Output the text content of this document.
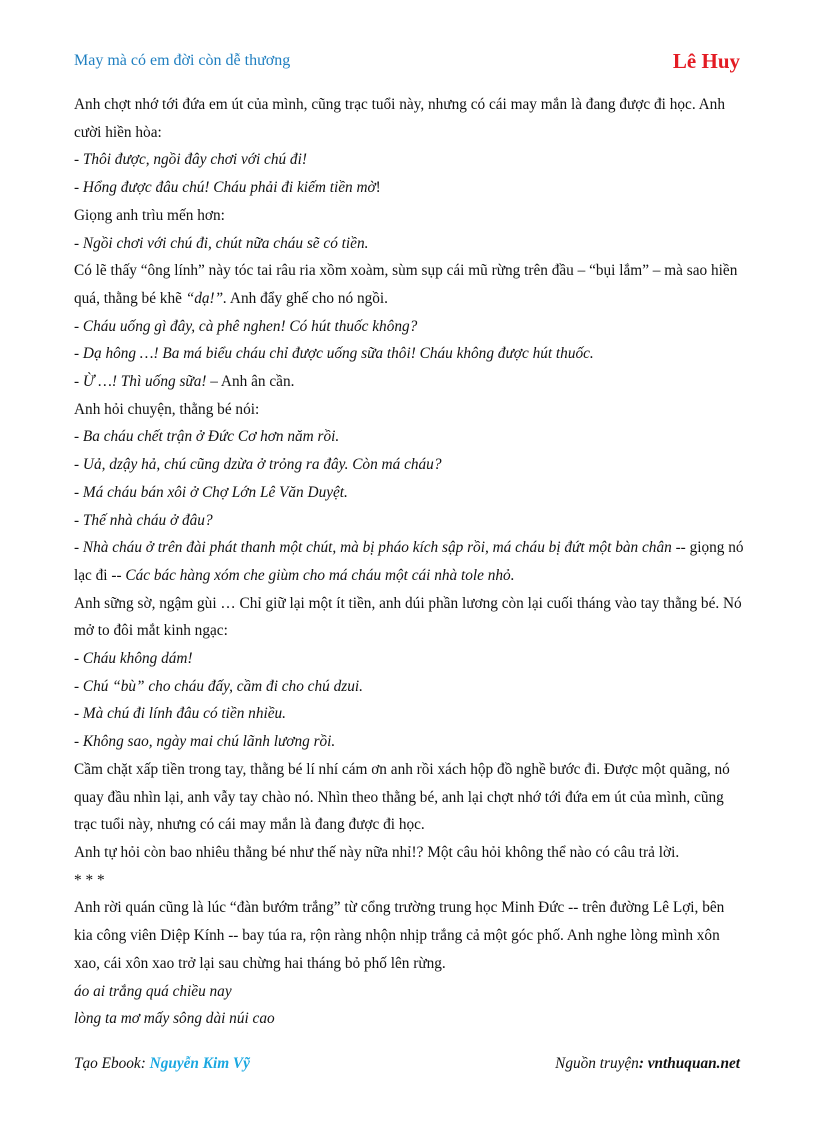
May mà có em đời còn dễ thương	Lê Huy

Anh chợt nhớ tới đứa em út của mình, cũng trạc tuổi này, nhưng có cái may mắn là đang được đi học. Anh cười hiền hòa:

- Thôi được, ngồi đây chơi với chú đi!

- Hổng được đâu chú! Cháu phải đi kiếm tiền mờ!

Giọng anh trìu mến hơn:

- Ngồi chơi với chú đi, chút nữa cháu sẽ có tiền.

Có lẽ thấy “ông lính” này tóc tai râu ria xồm xoàm, sùm sụp cái mũ rừng trên đầu – “bụi lắm” – mà sao hiền quá, thằng bé khẽ “dạ!”. Anh đẩy ghế cho nó ngồi.

- Cháu uống gì đây, cà phê nghen! Có hút thuốc không?

- Dạ hông …! Ba má biểu cháu chỉ được uống sữa thôi! Cháu không được hút thuốc.

- Ừ …! Thì uống sữa! – Anh ân cần.

Anh hỏi chuyện, thằng bé nói:

- Ba cháu chết trận ở Đức Cơ hơn năm rồi.

- Uả, dzậy hả, chú cũng dzừa ở trỏng ra đây. Còn má cháu?

- Má cháu bán xôi ở Chợ Lớn Lê Văn Duyệt.

- Thế nhà cháu ở đâu?

- Nhà cháu ở trên đài phát thanh một chút, mà bị pháo kích sập rồi, má cháu bị đứt một bàn chân -- giọng nó lạc đi -- Các bác hàng xóm che giùm cho má cháu một cái nhà tole nhỏ.

Anh sững sờ, ngậm gùi … Chỉ giữ lại một ít tiền, anh dúi phần lương còn lại cuối tháng vào tay thằng bé. Nó mở to đôi mắt kinh ngạc:

- Cháu không dám!

- Chú “bù” cho cháu đấy, cầm đi cho chú dzui.

- Mà chú đi lính đâu có tiền nhiều.

- Không sao, ngày mai chú lãnh lương rồi.

Cầm chặt xấp tiền trong tay, thằng bé lí nhí cám ơn anh rồi xách hộp đồ nghề bước đi. Được một quãng, nó quay đầu nhìn lại, anh vẫy tay chào nó. Nhìn theo thằng bé, anh lại chợt nhớ tới đứa em út của mình, cũng trạc tuổi này, nhưng có cái may mắn là đang được đi học.

Anh tự hỏi còn bao nhiêu thằng bé như thế này nữa nhỉ!? Một câu hỏi không thể nào có câu trả lời.

* * *

Anh rời quán cũng là lúc “đàn bướm trắng” từ cổng trường trung học Minh Đức -- trên đường Lê Lợi, bên kia công viên Diệp Kính -- bay túa ra, rộn ràng nhộn nhịp trắng cả một góc phố. Anh nghe lòng mình xôn xao, cái xôn xao trở lại sau chừng hai tháng bỏ phố lên rừng.

áo ai trắng quá chiều nay

lòng ta mơ mấy sông dài núi cao

Tạo Ebook: Nguyễn Kim Vỹ	Nguồn truyện: vnthuquan.net
